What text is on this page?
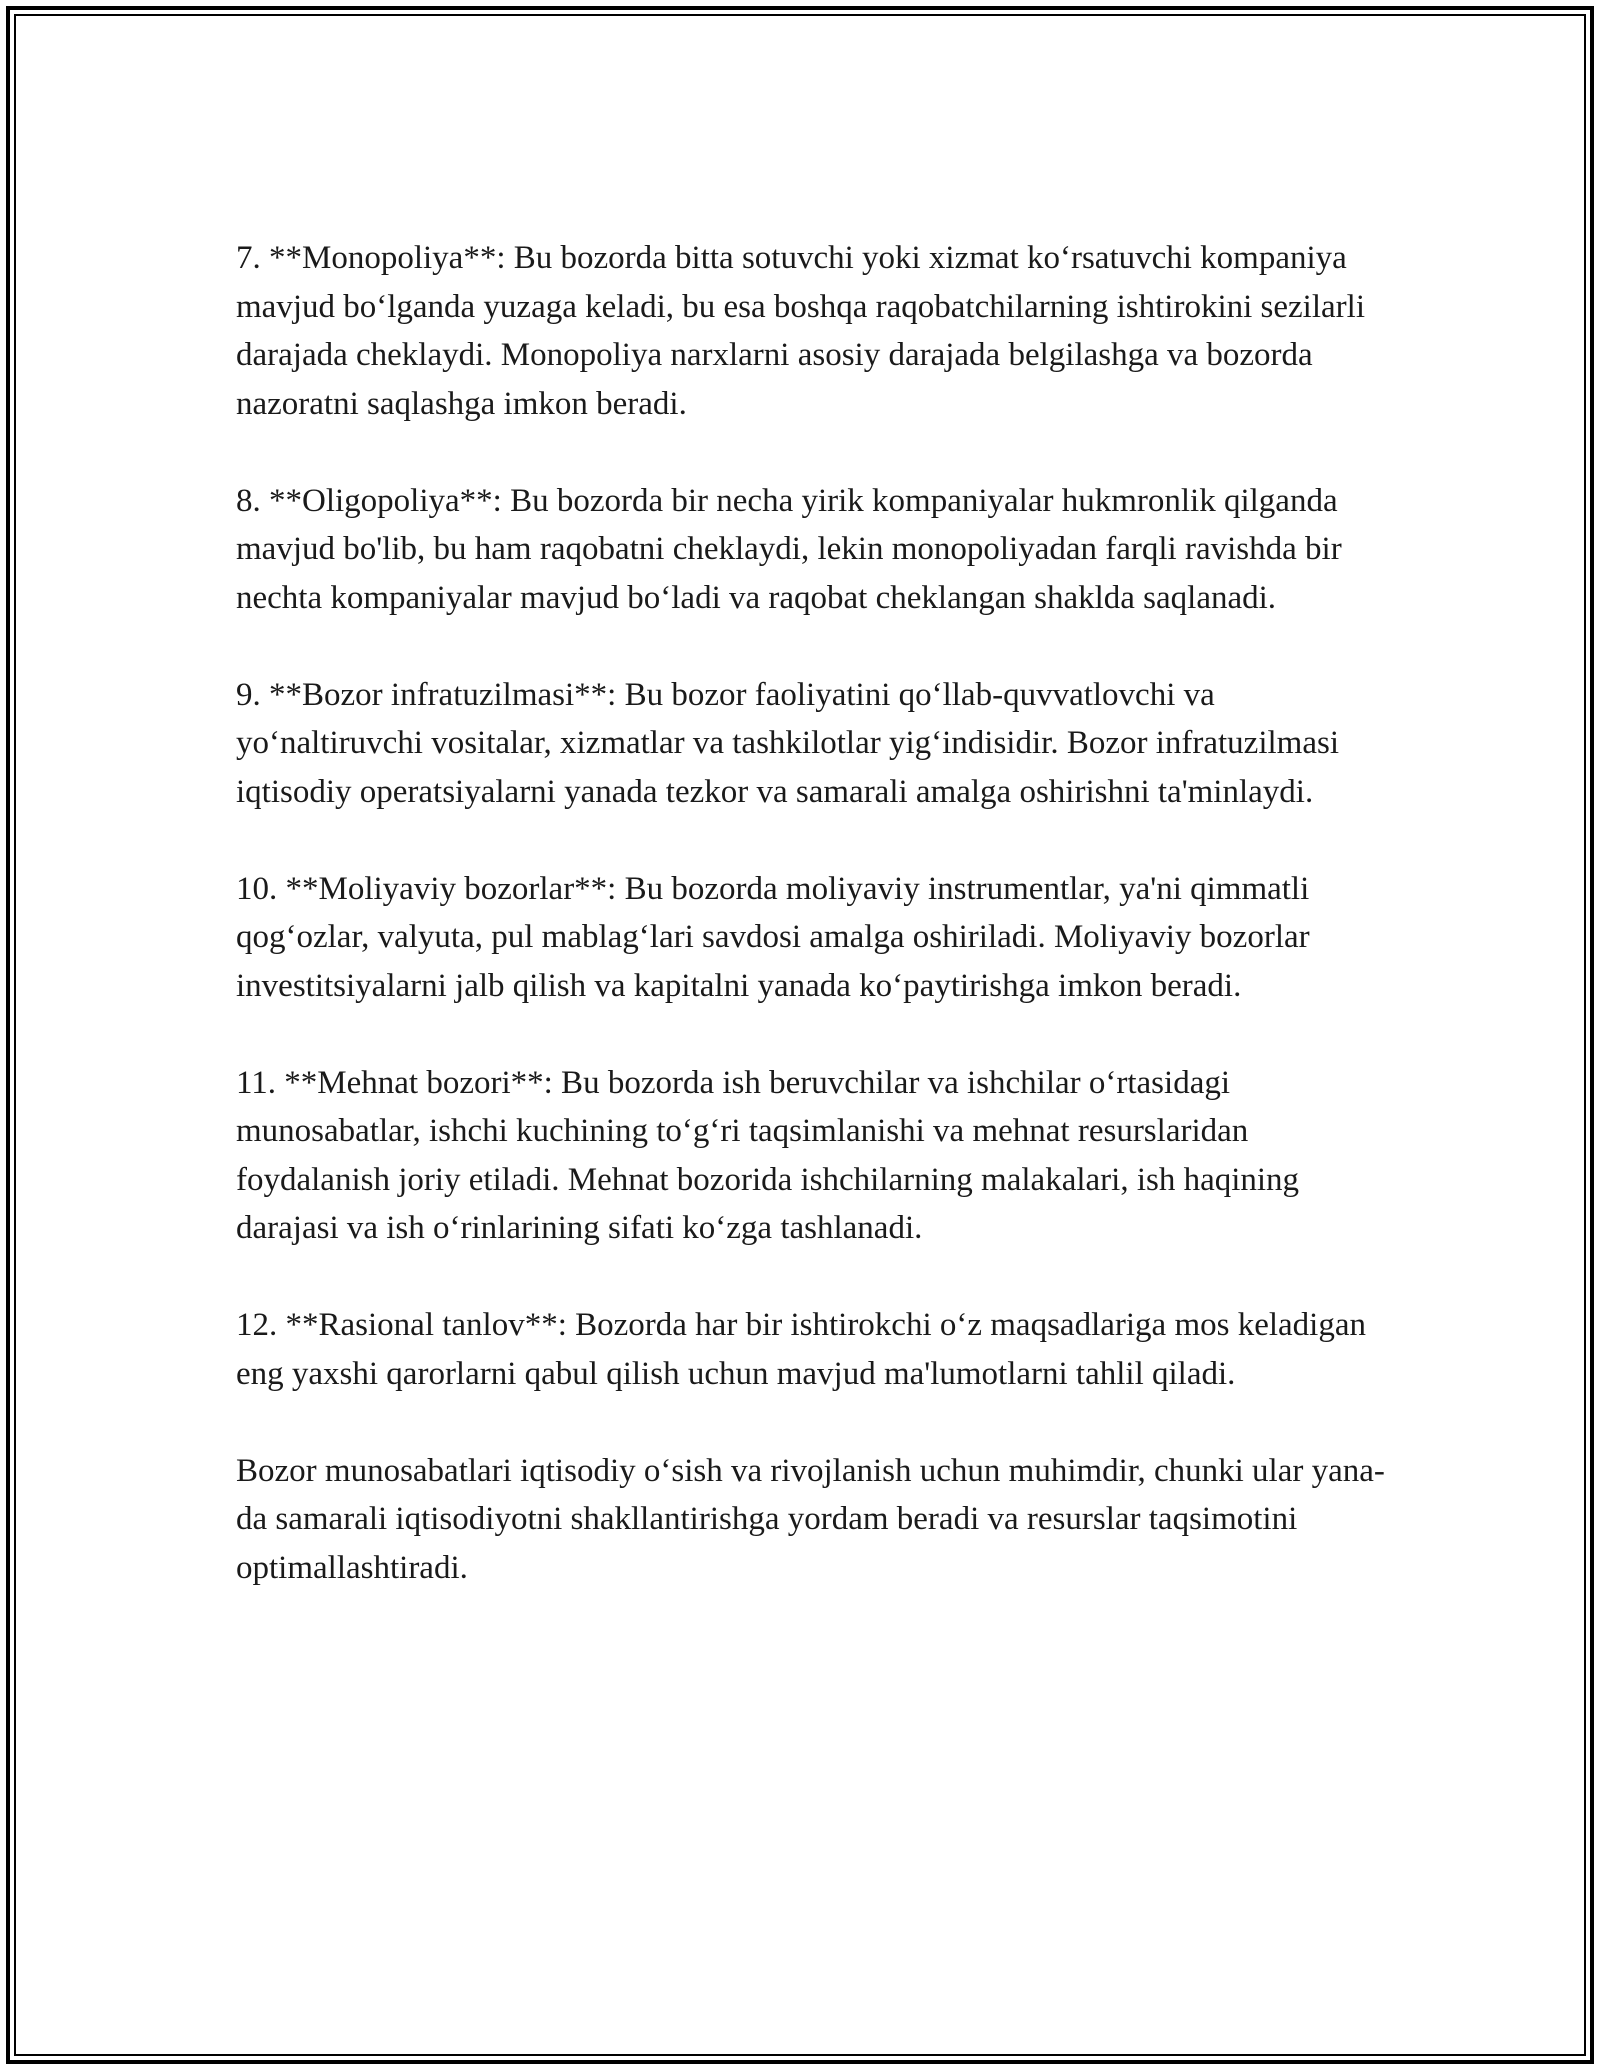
7. **Monopoliya**: Bu bozorda bitta sotuvchi yoki xizmat koʻrsatuvchi kompaniya mavjud boʻlganda yuzaga keladi, bu esa boshqa raqobatchilarning ishtirokini sezilarli darajada cheklaydi. Monopoliya narxlarni asosiy darajada belgilashga va bozorda nazoratni saqlashga imkon beradi.

8. **Oligopoliya**: Bu bozorda bir necha yirik kompaniyalar hukmronlik qilganda mavjud bo'lib, bu ham raqobatni cheklaydi, lekin monopoliyadan farqli ravishda bir nechta kompaniyalar mavjud boʻladi va raqobat cheklangan shaklda saqlanadi.

9. **Bozor infratuzilmasi**: Bu bozor faoliyatini qoʻllab-quvvatlovchi va yoʻnaltiruvchi vositalar, xizmatlar va tashkilotlar yigʻindisidir. Bozor infratuzilmasi iqtisodiy operatsiyalarni yanada tezkor va samarali amalga oshirishni ta'minlaydi.

10. **Moliyaviy bozorlar**: Bu bozorda moliyaviy instrumentlar, ya'ni qimmatli qogʻozlar, valyuta, pul mablagʻlari savdosi amalga oshiriladi. Moliyaviy bozorlar investitsiyalarni jalb qilish va kapitalni yanada koʻpaytirishga imkon beradi.

11. **Mehnat bozori**: Bu bozorda ish beruvchilar va ishchilar oʻrtasidagi munosabatlar, ishchi kuchining toʻgʻri taqsimlanishi va mehnat resurslaridan foydalanish joriy etiladi. Mehnat bozorida ishchilarning malakalari, ish haqining darajasi va ish oʻrinlarining sifati koʻzga tashlanadi.

12. **Rasional tanlov**: Bozorda har bir ishtirokchi oʻz maqsadlariga mos keladigan eng yaxshi qarorlarni qabul qilish uchun mavjud ma'lumotlarni tahlil qiladi.

Bozor munosabatlari iqtisodiy oʻsish va rivojlanish uchun muhimdir, chunki ular yana-da samarali iqtisodiyotni shakllantirishga yordam beradi va resurslar taqsimotini optimallashtiradi.
